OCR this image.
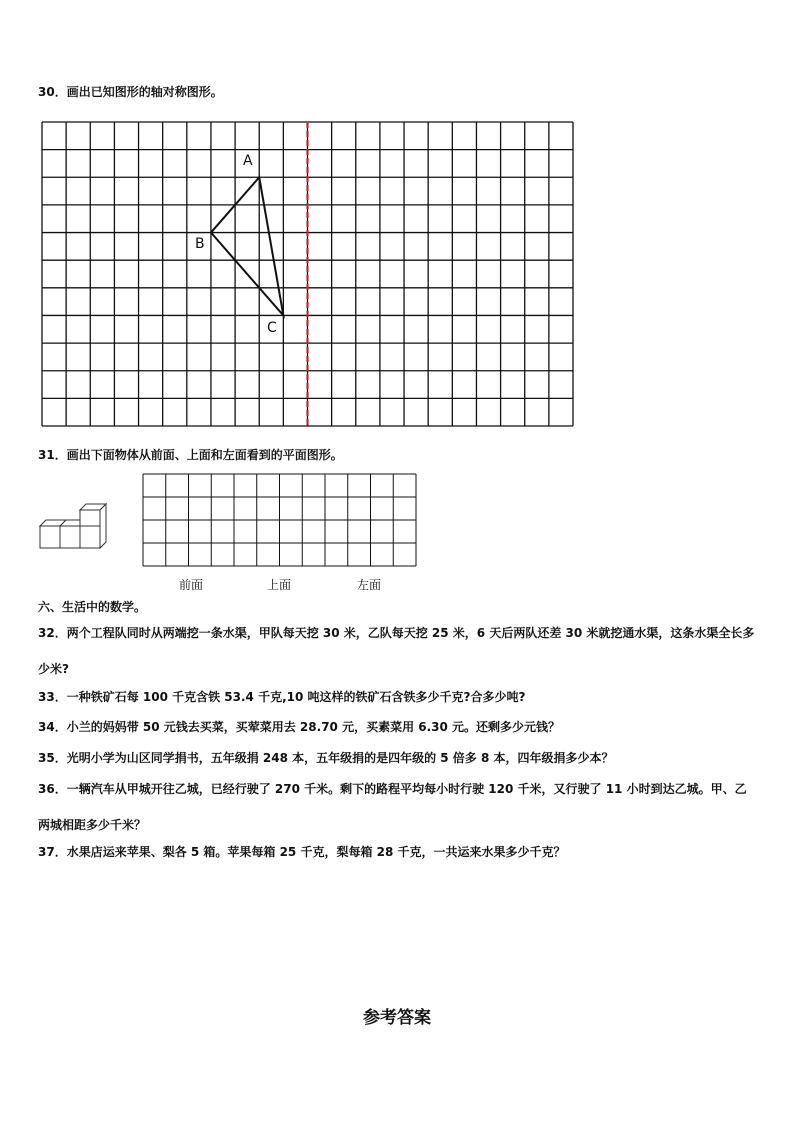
30．画出已知图形的轴对称图形。
A
B
C
31．画出下面物体从前面、上面和左面看到的平面图形。
前面	上面	左面
六、生活中的数学。
32．两个工程队同时从两端挖一条水渠，甲队每天挖 30 米，乙队每天挖 25 米，6 天后两队还差 30 米就挖通水渠，这条水渠全长多少米?
33．一种铁矿石每 100 千克含铁 53.4 千克,10 吨这样的铁矿石含铁多少千克?合多少吨?
34．小兰的妈妈带 50 元钱去买菜，买荤菜用去 28.70 元，买素菜用 6.30 元。还剩多少元钱？
35．光明小学为山区同学捐书，五年级捐 248 本，五年级捐的是四年级的 5 倍多 8 本，四年级捐多少本？
36．一辆汽车从甲城开往乙城，已经行驶了 270 千米。剩下的路程平均每小时行驶 120 千米，又行驶了 11 小时到达乙城。甲、乙两城相距多少千米？
37．水果店运来苹果、梨各 5 箱。苹果每箱 25 千克，梨每箱 28 千克，一共运来水果多少千克？
参考答案
